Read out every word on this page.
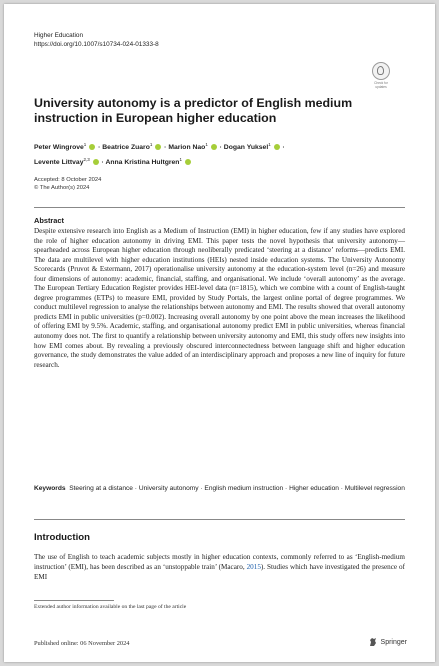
Higher Education
https://doi.org/10.1007/s10734-024-01333-8
Check for updates
University autonomy is a predictor of English medium instruction in European higher education
Peter Wingrove$^1$  · Beatrice Zuaro$^1$  · Marion Nao$^1$  · Dogan Yuksel$^1$  ·
Levente Littvay$^{2,3}$  · Anna Kristina Hultgren$^1$
Accepted: 8 October 2024
© The Author(s) 2024
Abstract

Despite extensive research into English as a Medium of Instruction (EMI) in higher education, few if any studies have explored the role of higher education autonomy in driving EMI. This paper tests the novel hypothesis that university autonomy—spearheaded across European higher education through neoliberally predicated ‘steering at a distance’ reforms—predicts EMI. The data are multilevel with higher education institutions (HEIs) nested inside education systems. The University Autonomy Scorecards (Pruvot & Estermann, 2017) operationalise university autonomy at the education-system level (n=26) and measure four dimensions of autonomy: academic, financial, staffing, and organisational. We include ‘overall autonomy’ as the average. The European Tertiary Education Register provides HEI-level data (n=1815), which we combine with a count of English-taught degree programmes (ETPs) to measure EMI, provided by Study Portals, the largest online portal of degree programmes. We conduct multilevel regression to analyse the relationships between autonomy and EMI. The results showed that overall autonomy predicts EMI in public universities (p=0.002). Increasing overall autonomy by one point above the mean increases the likelihood of offering EMI by 9.5%. Academic, staffing, and organisational autonomy predict EMI in public universities, whereas financial autonomy does not. The first to quantify a relationship between university autonomy and EMI, this study offers new insights into how EMI comes about. By revealing a previously obscured interconnectedness between language shift and higher education governance, the study demonstrates the value added of an interdisciplinary approach and proposes a new line of inquiry for future research.

Keywords Steering at a distance · University autonomy · English medium instruction · Higher education · Multilevel regression
Introduction

The use of English to teach academic subjects mostly in higher education contexts, commonly referred to as ‘English-medium instruction’ (EMI), has been described as an ‘unstoppable train’ (Macaro, 2015). Studies which have investigated the presence of EMI

Extended author information available on the last page of the article
Published online: 06 November 2024	Springer
